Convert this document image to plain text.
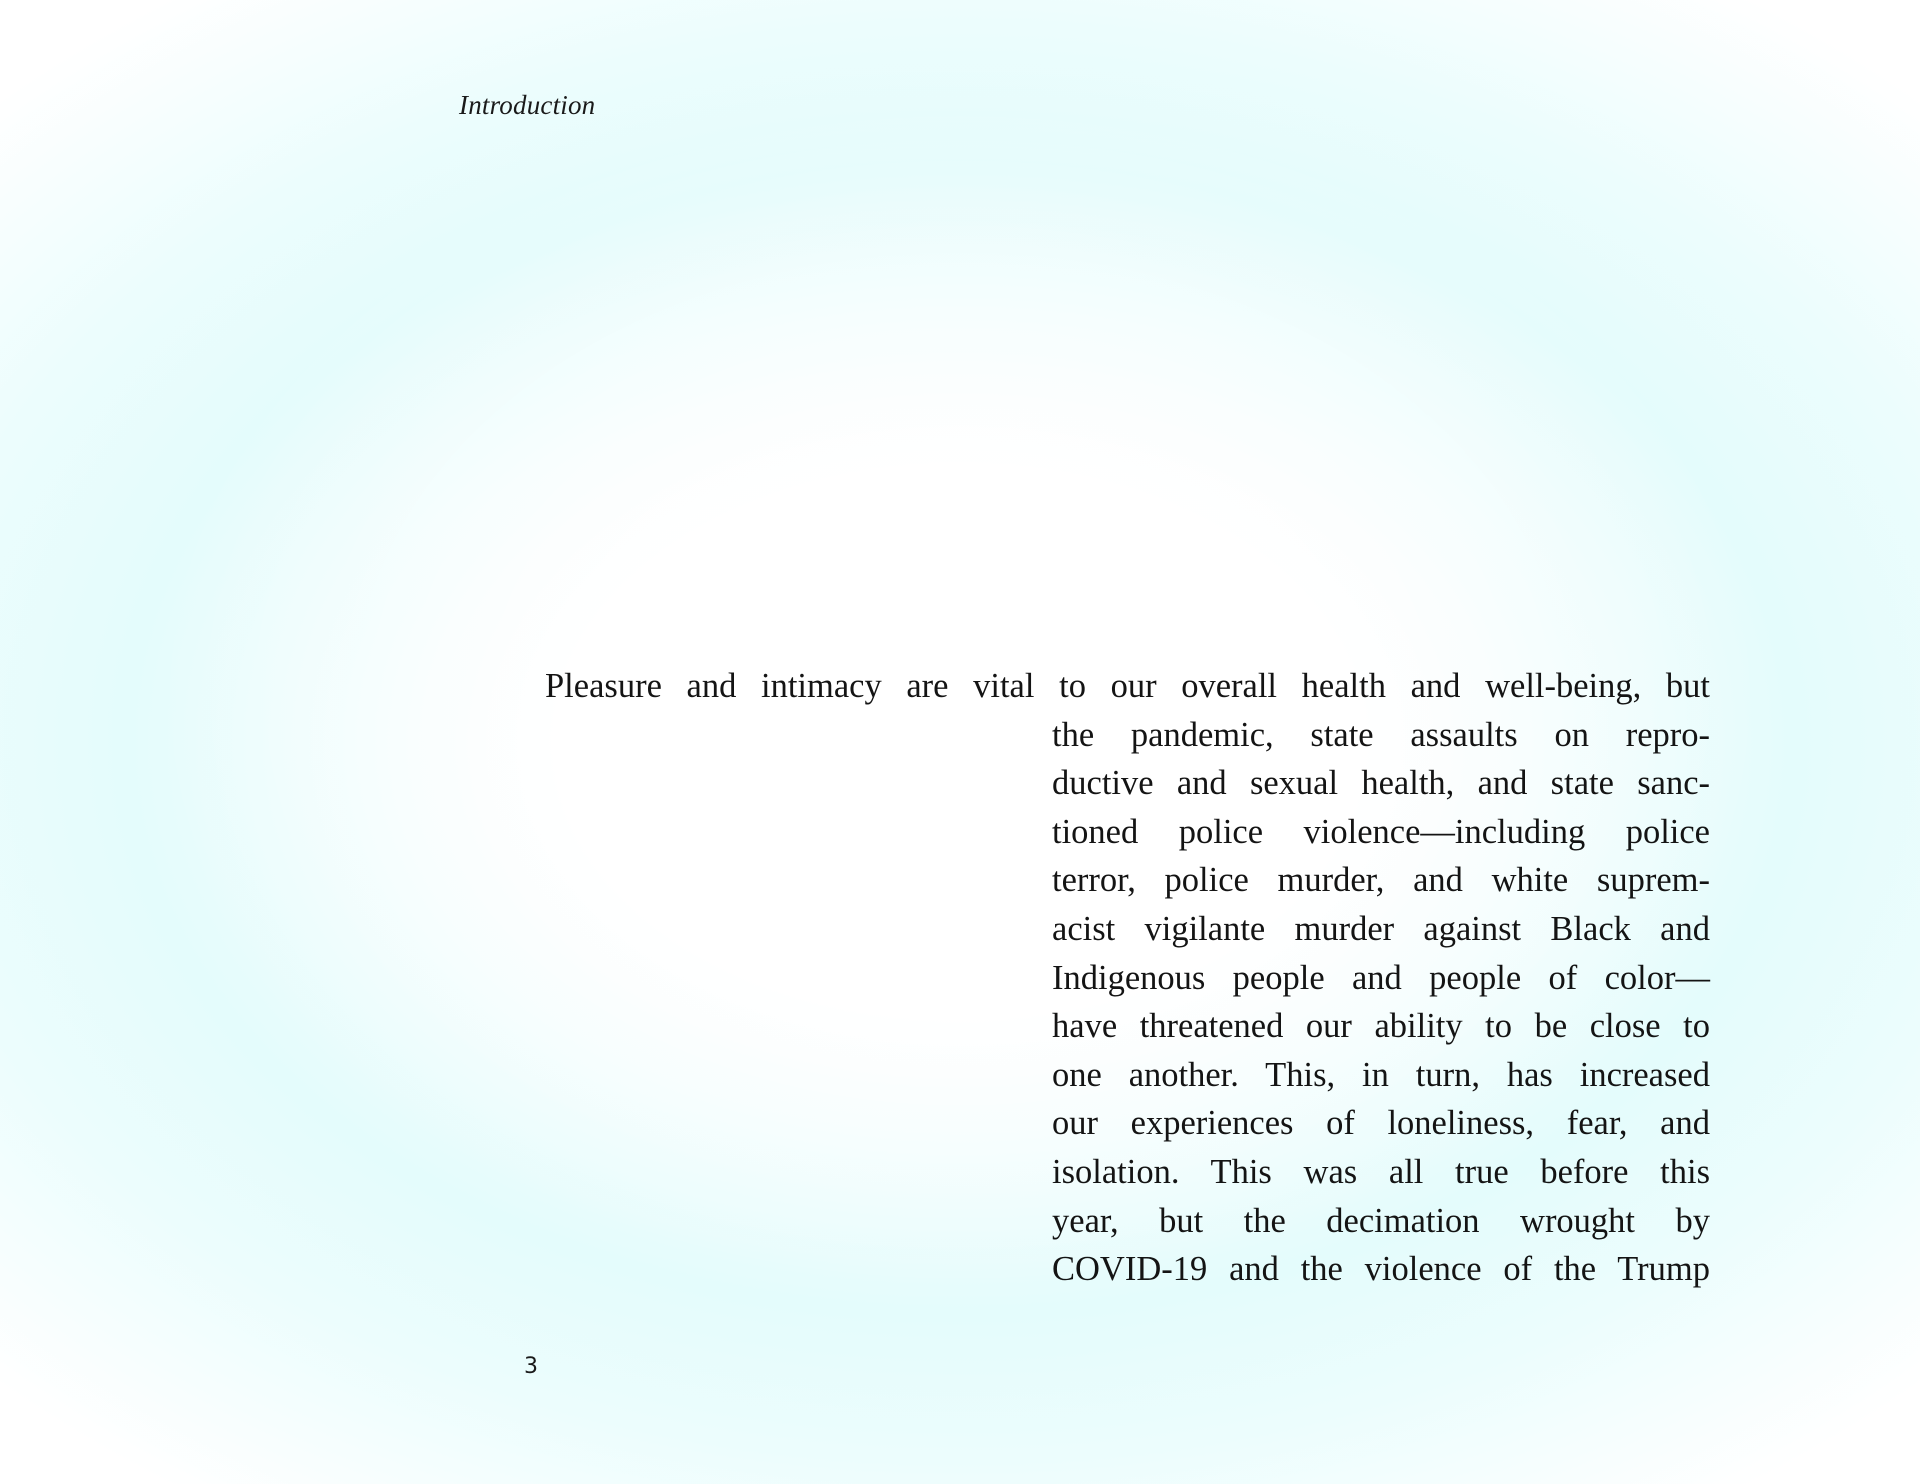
Introduction
Pleasure and intimacy are vital to our overall health and well-being, but
the pandemic, state assaults on repro-
ductive and sexual health, and state sanc-
tioned police violence—including police
terror, police murder, and white suprem-
acist vigilante murder against Black and
Indigenous people and people of color—
have threatened our ability to be close to
one another. This, in turn, has increased
our experiences of loneliness, fear, and
isolation. This was all true before this
year, but the decimation wrought by
COVID-19 and the violence of the Trump
3
